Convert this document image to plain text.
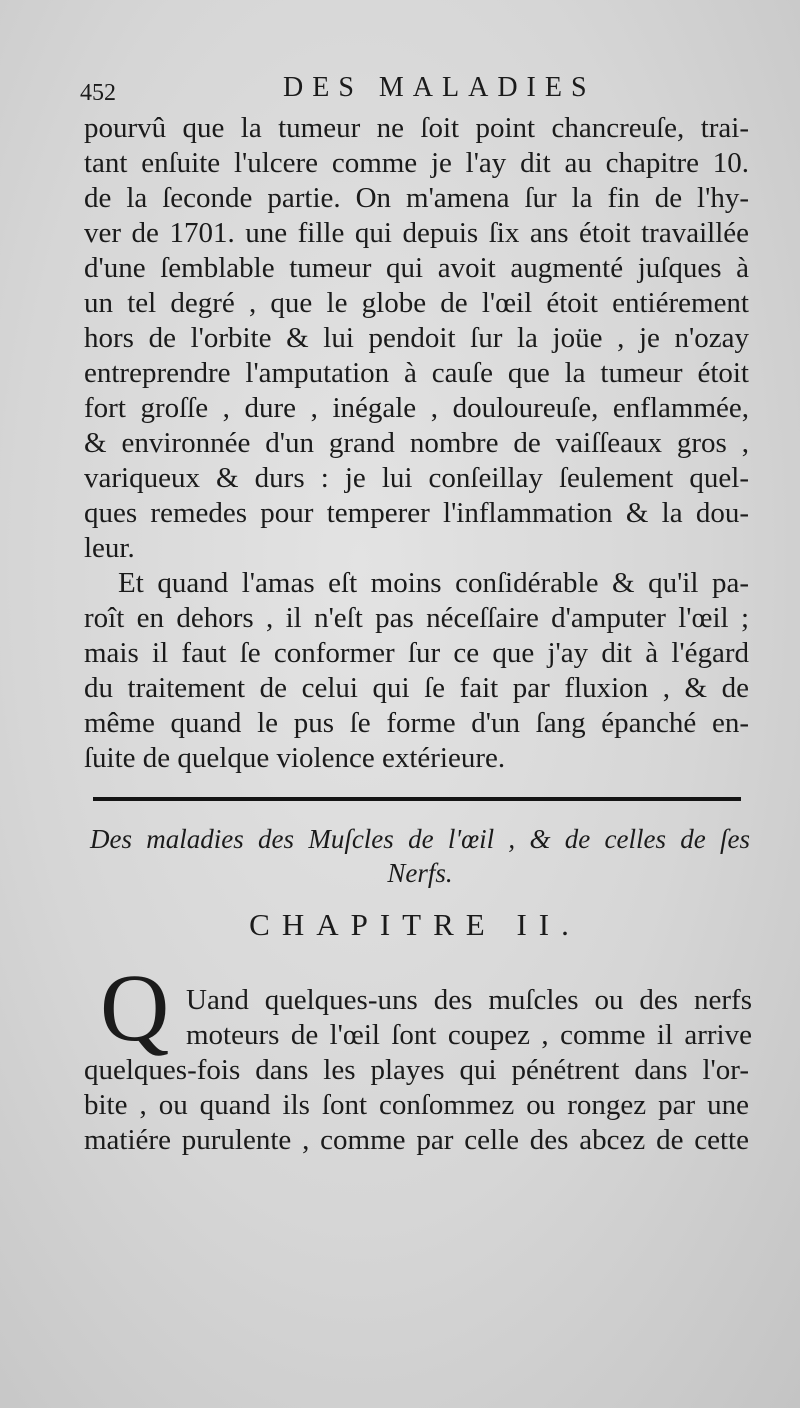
452	DES MALADIES
pourvû que la tumeur ne ſoit point chancreuſe, trai-
tant enſuite l'ulcere comme je l'ay dit au chapitre 10.
de la ſeconde partie. On m'amena ſur la fin de l'hy-
ver de 1701. une fille qui depuis ſix ans étoit travaillée
d'une ſemblable tumeur qui avoit augmenté juſques à
un tel degré , que le globe de l'œil étoit entiérement
hors de l'orbite & lui pendoit ſur la joüe , je n'ozay
entreprendre l'amputation à cauſe que la tumeur étoit
fort groſſe , dure , inégale , douloureuſe, enflammée,
& environnée d'un grand nombre de vaiſſeaux gros ,
variqueux & durs : je lui conſeillay ſeulement quel-
ques remedes pour temperer l'inflammation & la dou-
leur.
Et quand l'amas eſt moins conſidérable & qu'il pa-
roît en dehors , il n'eſt pas néceſſaire d'amputer l'œil ;
mais il faut ſe conformer ſur ce que j'ay dit à l'égard
du traitement de celui qui ſe fait par fluxion , & de
même quand le pus ſe forme d'un ſang épanché en-
ſuite de quelque violence extérieure.
Des maladies des Muſcles de l'œil , & de celles de ſes
Nerfs.
CHAPITRE II.
Q Uand quelques-uns des muſcles ou des nerfs
moteurs de l'œil ſont coupez , comme il arrive
quelques-fois dans les playes qui pénétrent dans l'or-
bite , ou quand ils ſont conſommez ou rongez par une
matiére purulente , comme par celle des abcez de cette
